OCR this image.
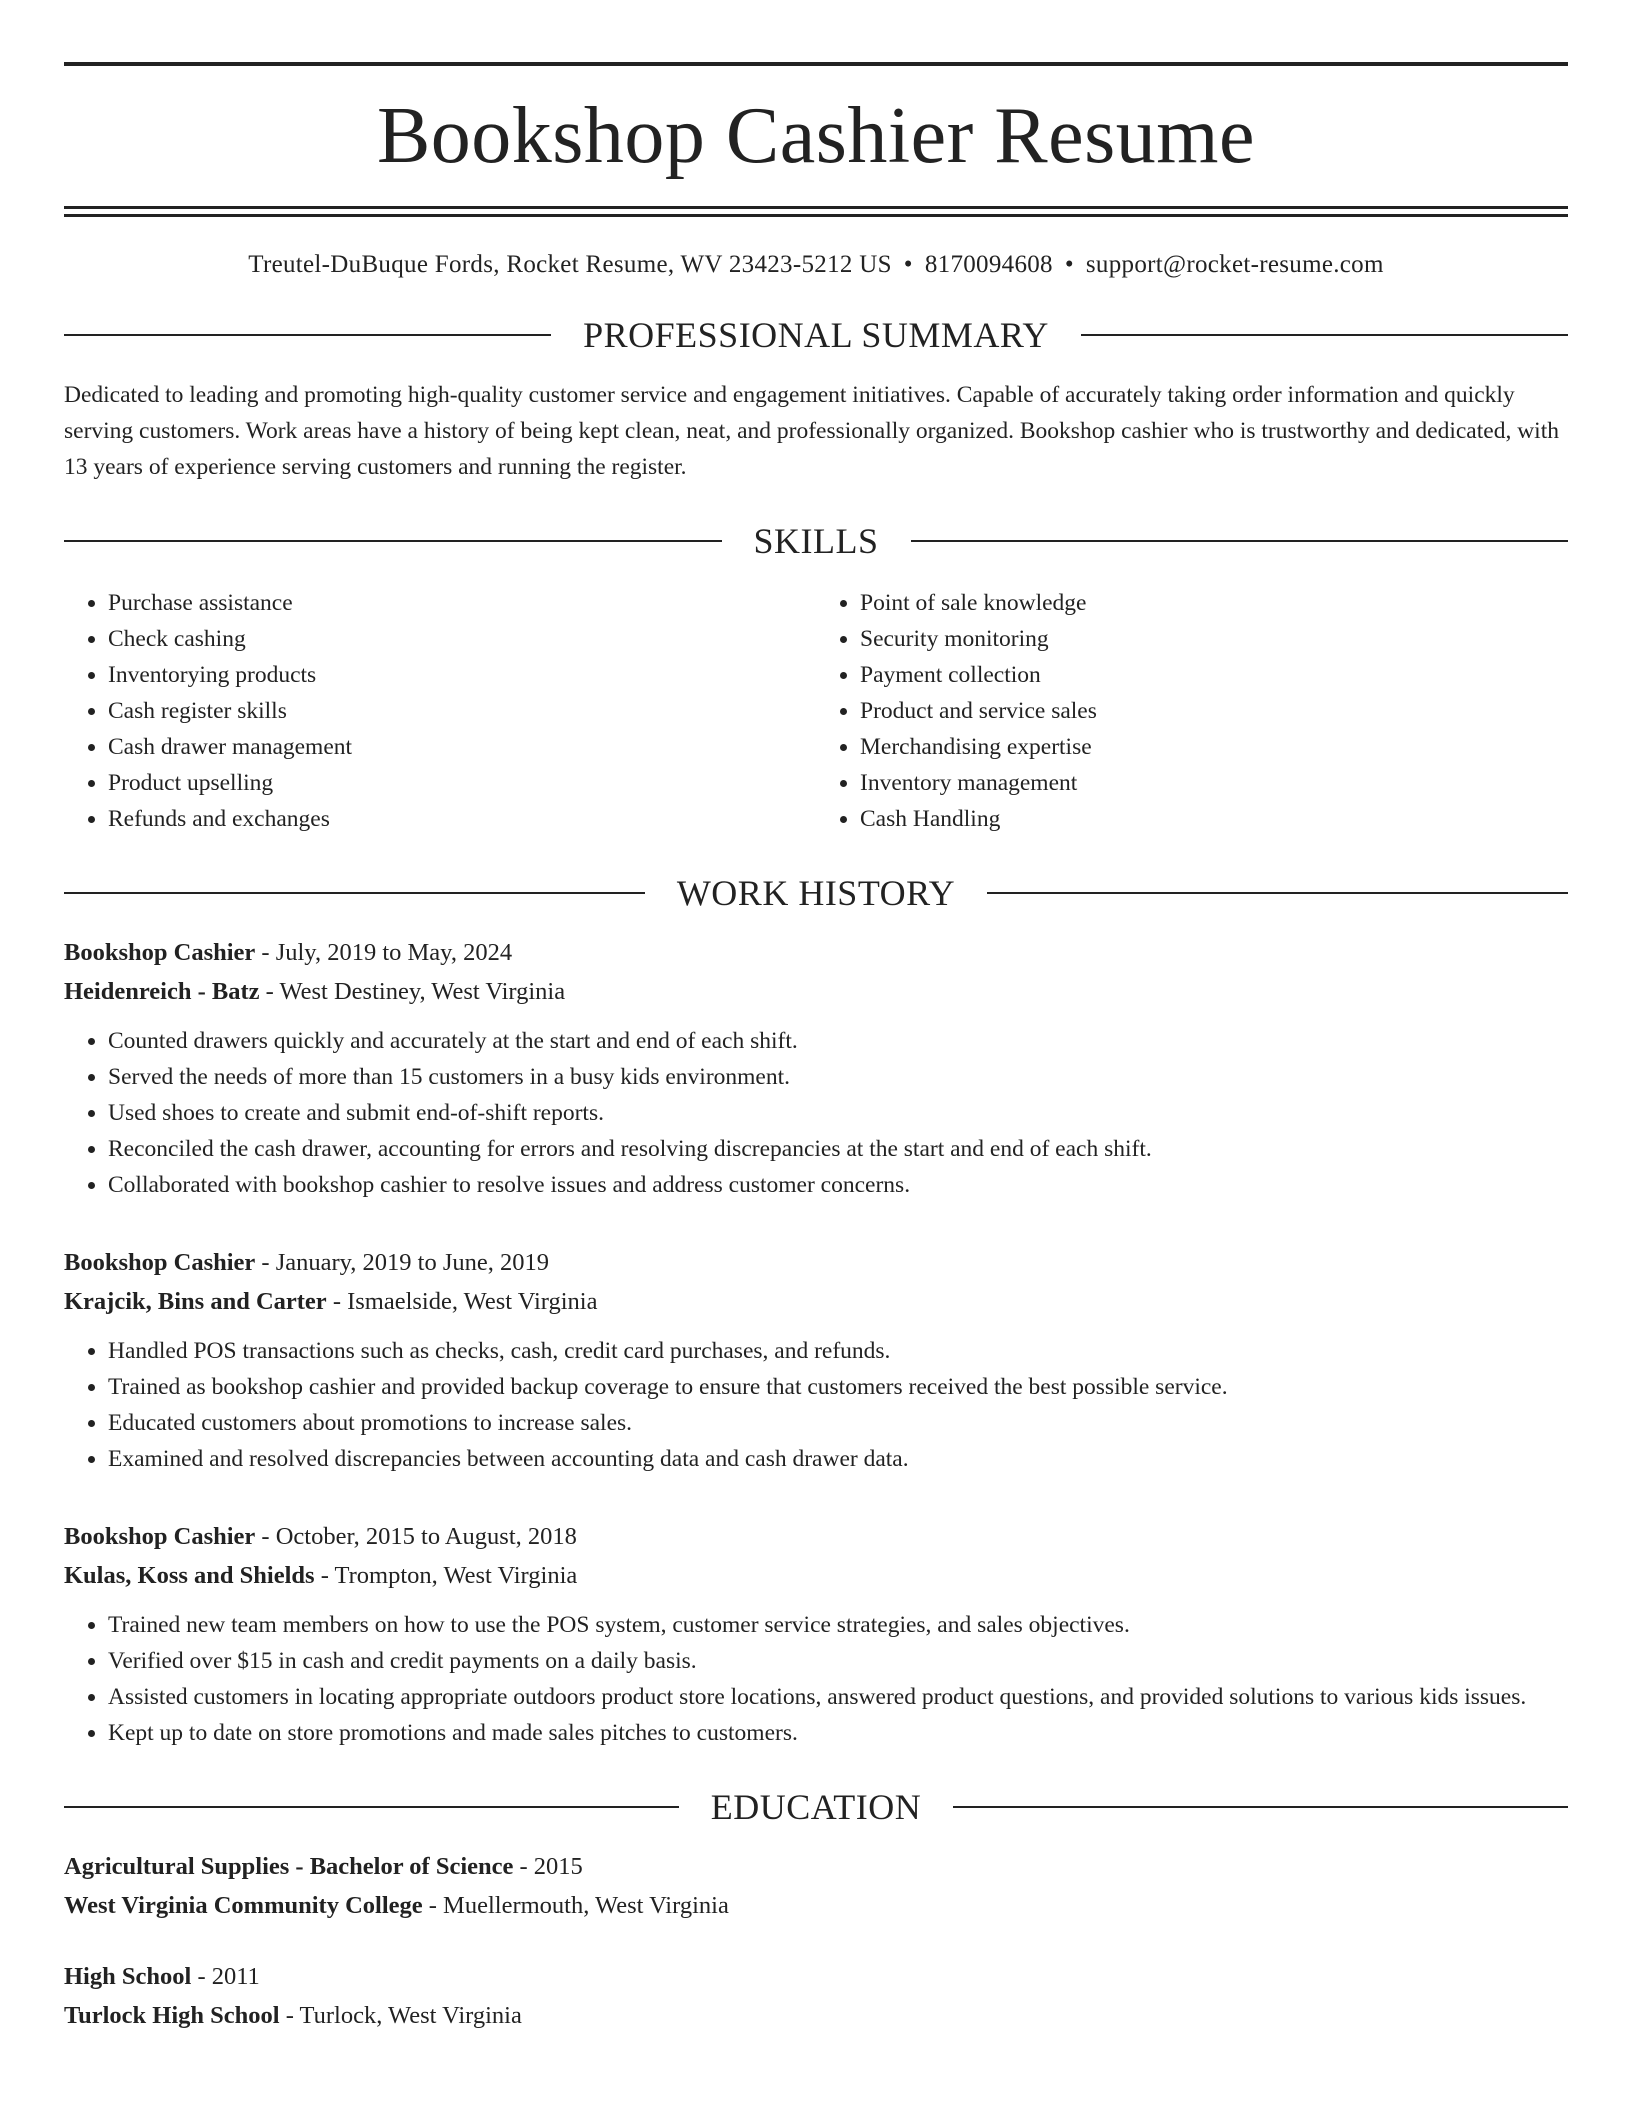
Bookshop Cashier Resume
Treutel-DuBuque Fords, Rocket Resume, WV 23423-5212 US • 8170094608 • support@rocket-resume.com
PROFESSIONAL SUMMARY

Dedicated to leading and promoting high-quality customer service and engagement initiatives. Capable of accurately taking order information and quickly serving customers. Work areas have a history of being kept clean, neat, and professionally organized. Bookshop cashier who is trustworthy and dedicated, with 13 years of experience serving customers and running the register.

SKILLS
• Purchase assistance
• Check cashing
• Inventorying products
• Cash register skills
• Cash drawer management
• Product upselling
• Refunds and exchanges
• Point of sale knowledge
• Security monitoring
• Payment collection
• Product and service sales
• Merchandising expertise
• Inventory management
• Cash Handling
WORK HISTORY
Bookshop Cashier - July, 2019 to May, 2024
Heidenreich - Batz - West Destiney, West Virginia
• Counted drawers quickly and accurately at the start and end of each shift.
• Served the needs of more than 15 customers in a busy kids environment.
• Used shoes to create and submit end-of-shift reports.
• Reconciled the cash drawer, accounting for errors and resolving discrepancies at the start and end of each shift.
• Collaborated with bookshop cashier to resolve issues and address customer concerns.
Bookshop Cashier - January, 2019 to June, 2019
Krajcik, Bins and Carter - Ismaelside, West Virginia
• Handled POS transactions such as checks, cash, credit card purchases, and refunds.
• Trained as bookshop cashier and provided backup coverage to ensure that customers received the best possible service.
• Educated customers about promotions to increase sales.
• Examined and resolved discrepancies between accounting data and cash drawer data.
Bookshop Cashier - October, 2015 to August, 2018
Kulas, Koss and Shields - Trompton, West Virginia
• Trained new team members on how to use the POS system, customer service strategies, and sales objectives.
• Verified over $15 in cash and credit payments on a daily basis.
• Assisted customers in locating appropriate outdoors product store locations, answered product questions, and provided solutions to various kids issues.
• Kept up to date on store promotions and made sales pitches to customers.
EDUCATION
Agricultural Supplies - Bachelor of Science - 2015
West Virginia Community College - Muellermouth, West Virginia
High School - 2011
Turlock High School - Turlock, West Virginia
